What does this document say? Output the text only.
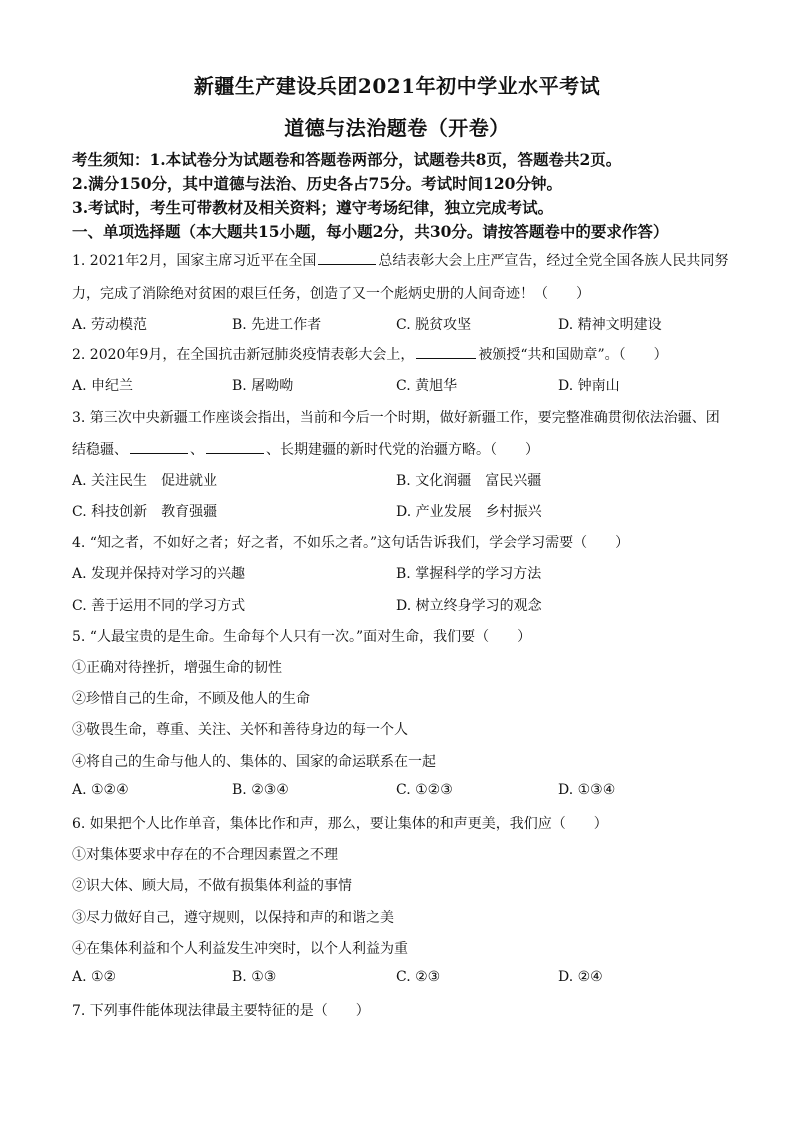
新疆生产建设兵团2021年初中学业水平考试
道德与法治题卷（开卷）
考生须知：1.本试卷分为试题卷和答题卷两部分，试题卷共8页，答题卷共2页。
2.满分150分，其中道德与法治、历史各占75分。考试时间120分钟。
3.考试时，考生可带教材及相关资料；遵守考场纪律，独立完成考试。
一、单项选择题（本大题共15小题，每小题2分，共30分。请按答题卷中的要求作答）
1. 2021年2月，国家主席习近平在全国	总结表彰大会上庄严宣告，经过全党全国各族人民共同努
力，完成了消除绝对贫困的艰巨任务，创造了又一个彪炳史册的人间奇迹！（　　）
A. 劳动模范	B. 先进工作者	C. 脱贫攻坚	D. 精神文明建设
2. 2020年9月，在全国抗击新冠肺炎疫情表彰大会上，	被颁授“共和国勋章”。（　　）
A. 申纪兰	B. 屠呦呦	C. 黄旭华	D. 钟南山
3. 第三次中央新疆工作座谈会指出，当前和今后一个时期，做好新疆工作，要完整准确贯彻依法治疆、团
结稳疆、	、	、长期建疆的新时代党的治疆方略。（　　）
A. 关注民生　促进就业	B. 文化润疆　富民兴疆
C. 科技创新　教育强疆	D. 产业发展　乡村振兴
4. “知之者，不如好之者；好之者，不如乐之者。”这句话告诉我们，学会学习需要（　　）
A. 发现并保持对学习的兴趣	B. 掌握科学的学习方法
C. 善于运用不同的学习方式	D. 树立终身学习的观念
5. “人最宝贵的是生命。生命每个人只有一次。”面对生命，我们要（　　）
①正确对待挫折，增强生命的韧性
②珍惜自己的生命，不顾及他人的生命
③敬畏生命，尊重、关注、关怀和善待身边的每一个人
④将自己的生命与他人的、集体的、国家的命运联系在一起
A. ①②④	B. ②③④	C. ①②③	D. ①③④
6. 如果把个人比作单音，集体比作和声，那么，要让集体的和声更美，我们应（　　）
①对集体要求中存在的不合理因素置之不理
②识大体、顾大局，不做有损集体利益的事情
③尽力做好自己，遵守规则，以保持和声的和谐之美
④在集体利益和个人利益发生冲突时，以个人利益为重
A. ①②	B. ①③	C. ②③	D. ②④
7. 下列事件能体现法律最主要特征的是（　　）
